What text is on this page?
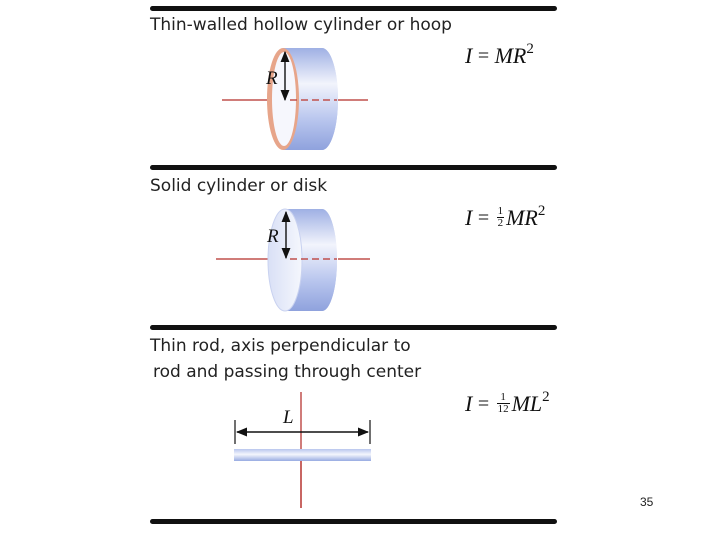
Thin-walled hollow cylinder or hoop
$I = MR^2$
Solid cylinder or disk
$I = \frac{1}{2} MR^2$
Thin rod, axis perpendicular to
rod and passing through center
$I = \frac{1}{12} ML^2$
R
R
L
35
